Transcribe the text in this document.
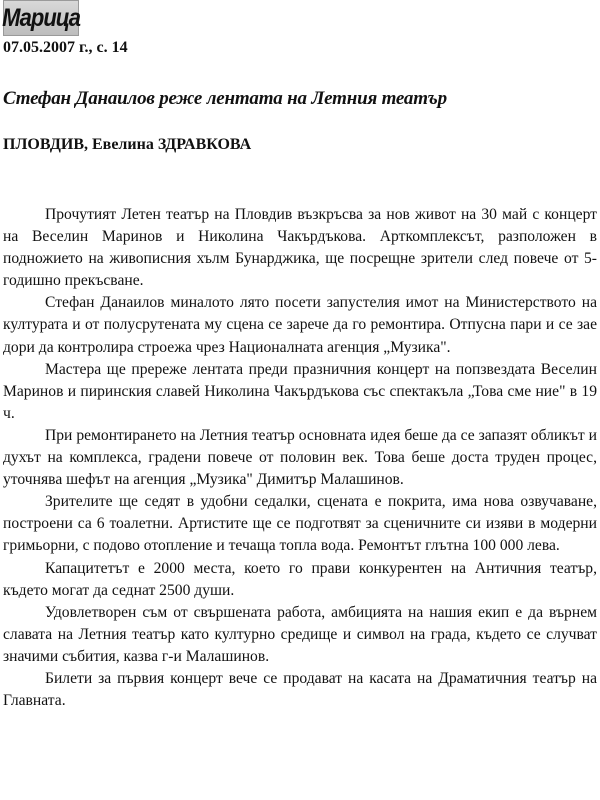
Марица
07.05.2007 г., с. 14
Стефан Данаилов реже лентата на Летния театър
ПЛОВДИВ, Евелина ЗДРАВКОВА

Прочутият Летен театър на Пловдив възкръсва за нов живот на 30 май с концерт на Веселин Маринов и Николина Чакърдъкова. Арткомплексът, разположен в подножието на живописния хълм Бунарджика, ще посрещне зрители след повече от 5-годишно прекъсване.

Стефан Данаилов миналото лято посети запустелия имот на Министерството на културата и от полусрутената му сцена се зарече да го ремонтира. Отпусна пари и се зае дори да контролира строежа чрез Националната агенция „Музика".

Мастера ще прережe лентата преди празничния концерт на попзвездата Веселин Маринов и пиринския славей Николина Чакърдъкова със спектакъла „Това сме ние" в 19 ч.

При ремонтирането на Летния театър основната идея беше да се запазят обликът и духът на комплекса, градени повече от половин век. Това беше доста труден процес, уточнява шефът на агенция „Музика" Димитър Малашинов.

Зрителите ще седят в удобни седалки, сцената е покрита, има нова озвучаване, построени са 6 тоалетни. Артистите ще се подготвят за сценичните си изяви в модерни гримьорни, с подово отопление и течаща топла вода. Ремонтът глътна 100 000 лева.

Капацитетът е 2000 места, което го прави конкурентен на Античния театър, където могат да седнат 2500 души.

Удовлетворен съм от свършената работа, амбицията на нашия екип е да върнем славата на Летния театър като културно средище и символ на града, където се случват значими събития, казва г-и Малашинов.

Билети за първия концерт вече се продават на касата на Драматичния театър на Главната.
